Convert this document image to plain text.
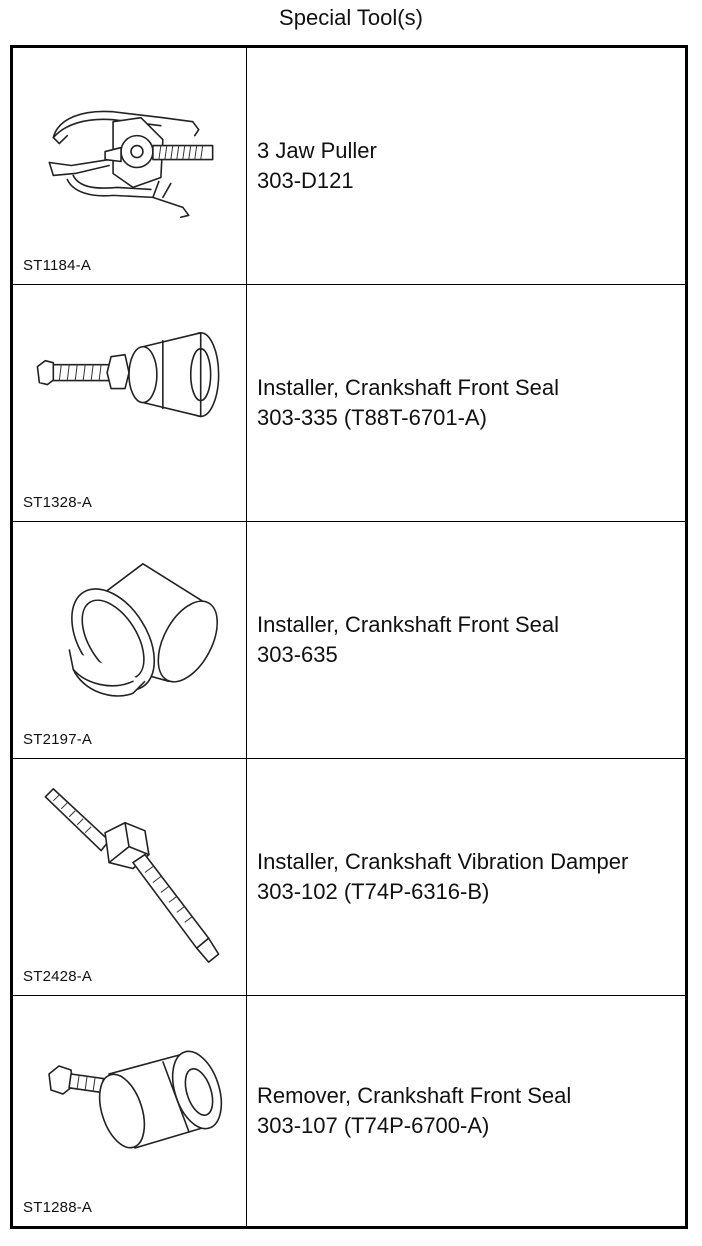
Special Tool(s)
ST1184-A
3 Jaw Puller
303-D121
ST1328-A
Installer, Crankshaft Front Seal
303-335 (T88T-6701-A)
ST2197-A
Installer, Crankshaft Front Seal
303-635
ST2428-A
Installer, Crankshaft Vibration Damper
303-102 (T74P-6316-B)
ST1288-A
Remover, Crankshaft Front Seal
303-107 (T74P-6700-A)
